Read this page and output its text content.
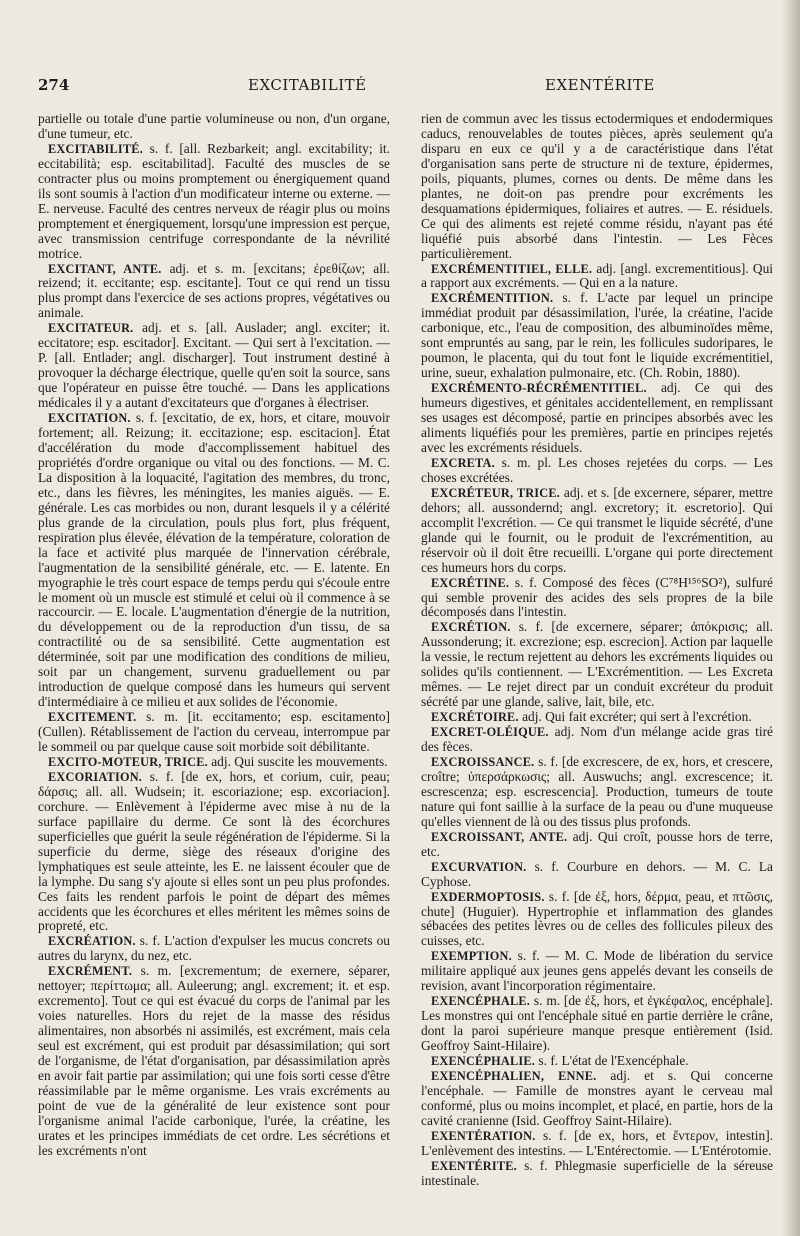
274	EXCITABILITÉ	EXENTÉRITE

partielle ou totale d'une partie volumineuse ou non, d'un organe, d'une tumeur, etc.

EXCITABILITÉ. s. f. [all. Rezbarkeit; angl. excitability; it. eccitabilità; esp. escitabilitad]. Faculté des muscles de se contracter plus ou moins promptement ou énergiquement quand ils sont soumis à l'action d'un modificateur interne ou externe. — E. nerveuse. Faculté des centres nerveux de réagir plus ou moins promptement et énergiquement, lorsqu'une impression est perçue, avec transmission centrifuge correspondante de la névrilité motrice.

EXCITANT, ANTE. adj. et s. m. [excitans; ἐρεθίζων; all. reizend; it. eccitante; esp. escitante]. Tout ce qui rend un tissu plus prompt dans l'exercice de ses actions propres, végétatives ou animale.

EXCITATEUR. adj. et s. [all. Auslader; angl. exciter; it. eccitatore; esp. escitador]. Excitant. — Qui sert à l'excitation. — P. [all. Entlader; angl. discharger]. Tout instrument destiné à provoquer la décharge électrique, quelle qu'en soit la source, sans que l'opérateur en puisse être touché. — Dans les applications médicales il y a autant d'excitateurs que d'organes à électriser.

EXCITATION. s. f. [excitatio, de ex, hors, et citare, mouvoir fortement; all. Reizung; it. eccitazione; esp. escitacion]. État d'accélération du mode d'accomplissement habituel des propriétés d'ordre organique ou vital ou des fonctions. — M. C. La disposition à la loquacité, l'agitation des membres, du tronc, etc., dans les fièvres, les méningites, les manies aiguës. — E. générale. Les cas morbides ou non, durant lesquels il y a célérité plus grande de la circulation, pouls plus fort, plus fréquent, respiration plus élevée, élévation de la température, coloration de la face et activité plus marquée de l'innervation cérébrale, l'augmentation de la sensibilité générale, etc. — E. latente. En myographie le très court espace de temps perdu qui s'écoule entre le moment où un muscle est stimulé et celui où il commence à se raccourcir. — E. locale. L'augmentation d'énergie de la nutrition, du développement ou de la reproduction d'un tissu, de sa contractilité ou de sa sensibilité. Cette augmentation est déterminée, soit par une modification des conditions de milieu, soit par un changement, survenu graduellement ou par introduction de quelque composé dans les humeurs qui servent d'intermédiaire à ce milieu et aux solides de l'économie.

EXCITEMENT. s. m. [it. eccitamento; esp. escitamento] (Cullen). Rétablissement de l'action du cerveau, interrompue par le sommeil ou par quelque cause soit morbide soit débilitante.

EXCITO-MOTEUR, TRICE. adj. Qui suscite les mouvements.

EXCORIATION. s. f. [de ex, hors, et corium, cuir, peau; δάρσις; all. all. Wudsein; it. escoriazione; esp. excoriacion]. corchure. — Enlèvement à l'épiderme avec mise à nu de la surface papillaire du derme. Ce sont là des écorchures superficielles que guérit la seule régénération de l'épiderme. Si la superficie du derme, siège des réseaux d'origine des lymphatiques est seule atteinte, les E. ne laissent écouler que de la lymphe. Du sang s'y ajoute si elles sont un peu plus profondes. Ces faits les rendent parfois le point de départ des mêmes accidents que les écorchures et elles méritent les mêmes soins de propreté, etc.

EXCRÉATION. s. f. L'action d'expulser les mucus concrets ou autres du larynx, du nez, etc.

EXCRÉMENT. s. m. [excrementum; de exernere, séparer, nettoyer; περίττωμα; all. Auleerung; angl. excrement; it. et esp. excremento]. Tout ce qui est évacué du corps de l'animal par les voies naturelles. Hors du rejet de la masse des résidus alimentaires, non absorbés ni assimilés, est excrément, mais cela seul est excrément, qui est produit par désassimilation; qui sort de l'organisme, de l'état d'organisation, par désassimilation après en avoir fait partie par assimilation; qui une fois sorti cesse d'être réassimilable par le même organisme. Les vrais excréments au point de vue de la généralité de leur existence sont pour l'organisme animal l'acide carbonique, l'urée, la créatine, les urates et les principes immédiats de cet ordre. Les sécrétions et les excréments n'ont

rien de commun avec les tissus ectodermiques et endodermiques caducs, renouvelables de toutes pièces, après seulement qu'a disparu en eux ce qu'il y a de caractéristique dans l'état d'organisation sans perte de structure ni de texture, épidermes, poils, piquants, plumes, cornes ou dents. De même dans les plantes, ne doit-on pas prendre pour excréments les desquamations épidermiques, foliaires et autres. — E. résiduels. Ce qui des aliments est rejeté comme résidu, n'ayant pas été liquéfié puis absorbé dans l'intestin. — Les Fèces particulièrement.

EXCRÉMENTITIEL, ELLE. adj. [angl. excrementitious]. Qui a rapport aux excréments. — Qui en a la nature.

EXCRÉMENTITION. s. f. L'acte par lequel un principe immédiat produit par désassimilation, l'urée, la créatine, l'acide carbonique, etc., l'eau de composition, des albuminoïdes même, sont empruntés au sang, par le rein, les follicules sudoripares, le poumon, le placenta, qui du tout font le liquide excrémentitiel, urine, sueur, exhalation pulmonaire, etc. (Ch. Robin, 1880).

EXCRÉMENTO-RÉCRÉMENTITIEL. adj. Ce qui des humeurs digestives, et génitales accidentellement, en remplissant ses usages est décomposé, partie en principes absorbés avec les aliments liquéfiés pour les premières, partie en principes rejetés avec les excréments résiduels.

EXCRETA. s. m. pl. Les choses rejetées du corps. — Les choses excrétées.

EXCRÉTEUR, TRICE. adj. et s. [de excernere, séparer, mettre dehors; all. aussondernd; angl. excretory; it. escretorio]. Qui accomplit l'excrétion. — Ce qui transmet le liquide sécrété, d'une glande qui le fournit, ou le produit de l'excrémentition, au réservoir où il doit être recueilli. L'organe qui porte directement ces humeurs hors du corps.

EXCRÉTINE. s. f. Composé des fèces (C⁷⁸H¹⁵⁶SO²), sulfuré qui semble provenir des acides des sels propres de la bile décomposés dans l'intestin.

EXCRÉTION. s. f. [de excernere, séparer; ἀπόκρισις; all. Aussonderung; it. excrezione; esp. escrecion]. Action par laquelle la vessie, le rectum rejettent au dehors les excréments liquides ou solides qu'ils contiennent. — L'Excrémentition. — Les Excreta mêmes. — Le rejet direct par un conduit excréteur du produit sécrété par une glande, salive, lait, bile, etc.

EXCRÉTOIRE. adj. Qui fait excréter; qui sert à l'excrétion.

EXCRET-OLÉIQUE. adj. Nom d'un mélange acide gras tiré des fèces.

EXCROISSANCE. s. f. [de excrescere, de ex, hors, et crescere, croître; ὑπερσάρκωσις; all. Auswuchs; angl. excrescence; it. escrescenza; esp. escrescencia]. Production, tumeurs de toute nature qui font saillie à la surface de la peau ou d'une muqueuse qu'elles viennent de là ou des tissus plus profonds.

EXCROISSANT, ANTE. adj. Qui croît, pousse hors de terre, etc.

EXCURVATION. s. f. Courbure en dehors. — M. C. La Cyphose.

EXDERMOPTOSIS. s. f. [de ἐξ, hors, δέρμα, peau, et πτῶσις, chute] (Huguier). Hypertrophie et inflammation des glandes sébacées des petites lèvres ou de celles des follicules pileux des cuisses, etc.

EXEMPTION. s. f. — M. C. Mode de libération du service militaire appliqué aux jeunes gens appelés devant les conseils de revision, avant l'incorporation régimentaire.

EXENCÉPHALE. s. m. [de ἐξ, hors, et ἐγκέφαλος, encéphale]. Les monstres qui ont l'encéphale situé en partie derrière le crâne, dont la paroi supérieure manque presque entièrement (Isid. Geoffroy Saint-Hilaire).

EXENCÉPHALIE. s. f. L'état de l'Exencéphale.

EXENCÉPHALIEN, ENNE. adj. et s. Qui concerne l'encéphale. — Famille de monstres ayant le cerveau mal conformé, plus ou moins incomplet, et placé, en partie, hors de la cavité cranienne (Isid. Geoffroy Saint-Hilaire).

EXENTÉRATION. s. f. [de ex, hors, et ἔντερον, intestin]. L'enlèvement des intestins. — L'Entérectomie. — L'Entérotomie.

EXENTÉRITE. s. f. Phlegmasie superficielle de la séreuse intestinale.
